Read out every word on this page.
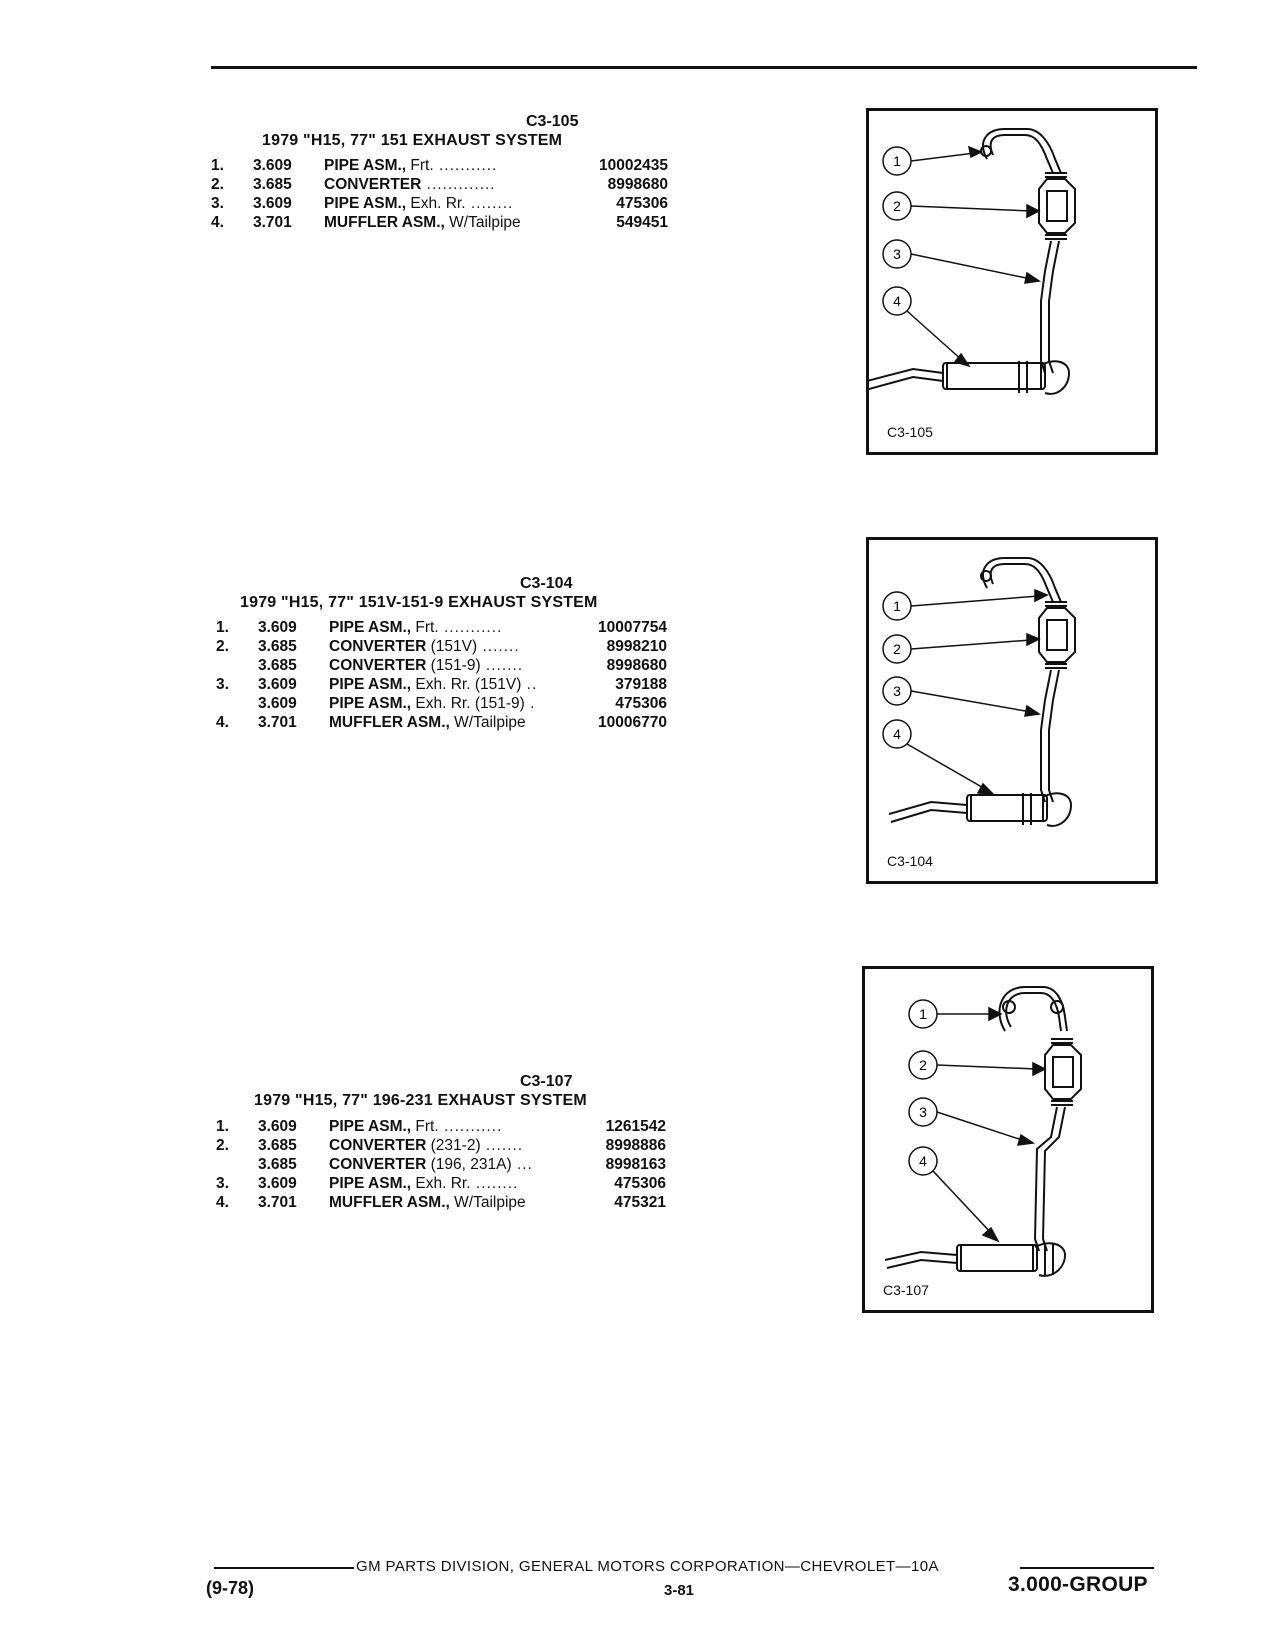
C3-105
1979 "H15, 77" 151 EXHAUST SYSTEM
1.	3.609 PIPE ASM., Frt. ...........	10002435
2.	3.685 CONVERTER .............	8998680
3.	3.609 PIPE ASM., Exh. Rr. ........	475306
4.	3.701 MUFFLER ASM., W/Tailpipe	549451
1
2
3
4
C3-105
C3-104
1979 "H15, 77" 151V-151-9 EXHAUST SYSTEM
1.	3.609 PIPE ASM., Frt. ...........	10007754
2.	3.685 CONVERTER (151V) .......	8998210
3.685 CONVERTER (151-9) .......	8998680
3.	3.609 PIPE ASM., Exh. Rr. (151V) ..	379188
3.609 PIPE ASM., Exh. Rr. (151-9) .	475306
4.	3.701 MUFFLER ASM., W/Tailpipe	10006770
1
2
3
4
C3-104
C3-107
1979 "H15, 77" 196-231 EXHAUST SYSTEM
1.	3.609 PIPE ASM., Frt. ...........	1261542
2.	3.685 CONVERTER (231-2) .......	8998886
3.685 CONVERTER (196, 231A) ...	8998163
3.	3.609 PIPE ASM., Exh. Rr. ........	475306
4.	3.701 MUFFLER ASM., W/Tailpipe	475321
1
2
3
4
C3-107
GM PARTS DIVISION, GENERAL MOTORS CORPORATION—CHEVROLET—10A
(9-78)	3-81	3.000-GROUP
